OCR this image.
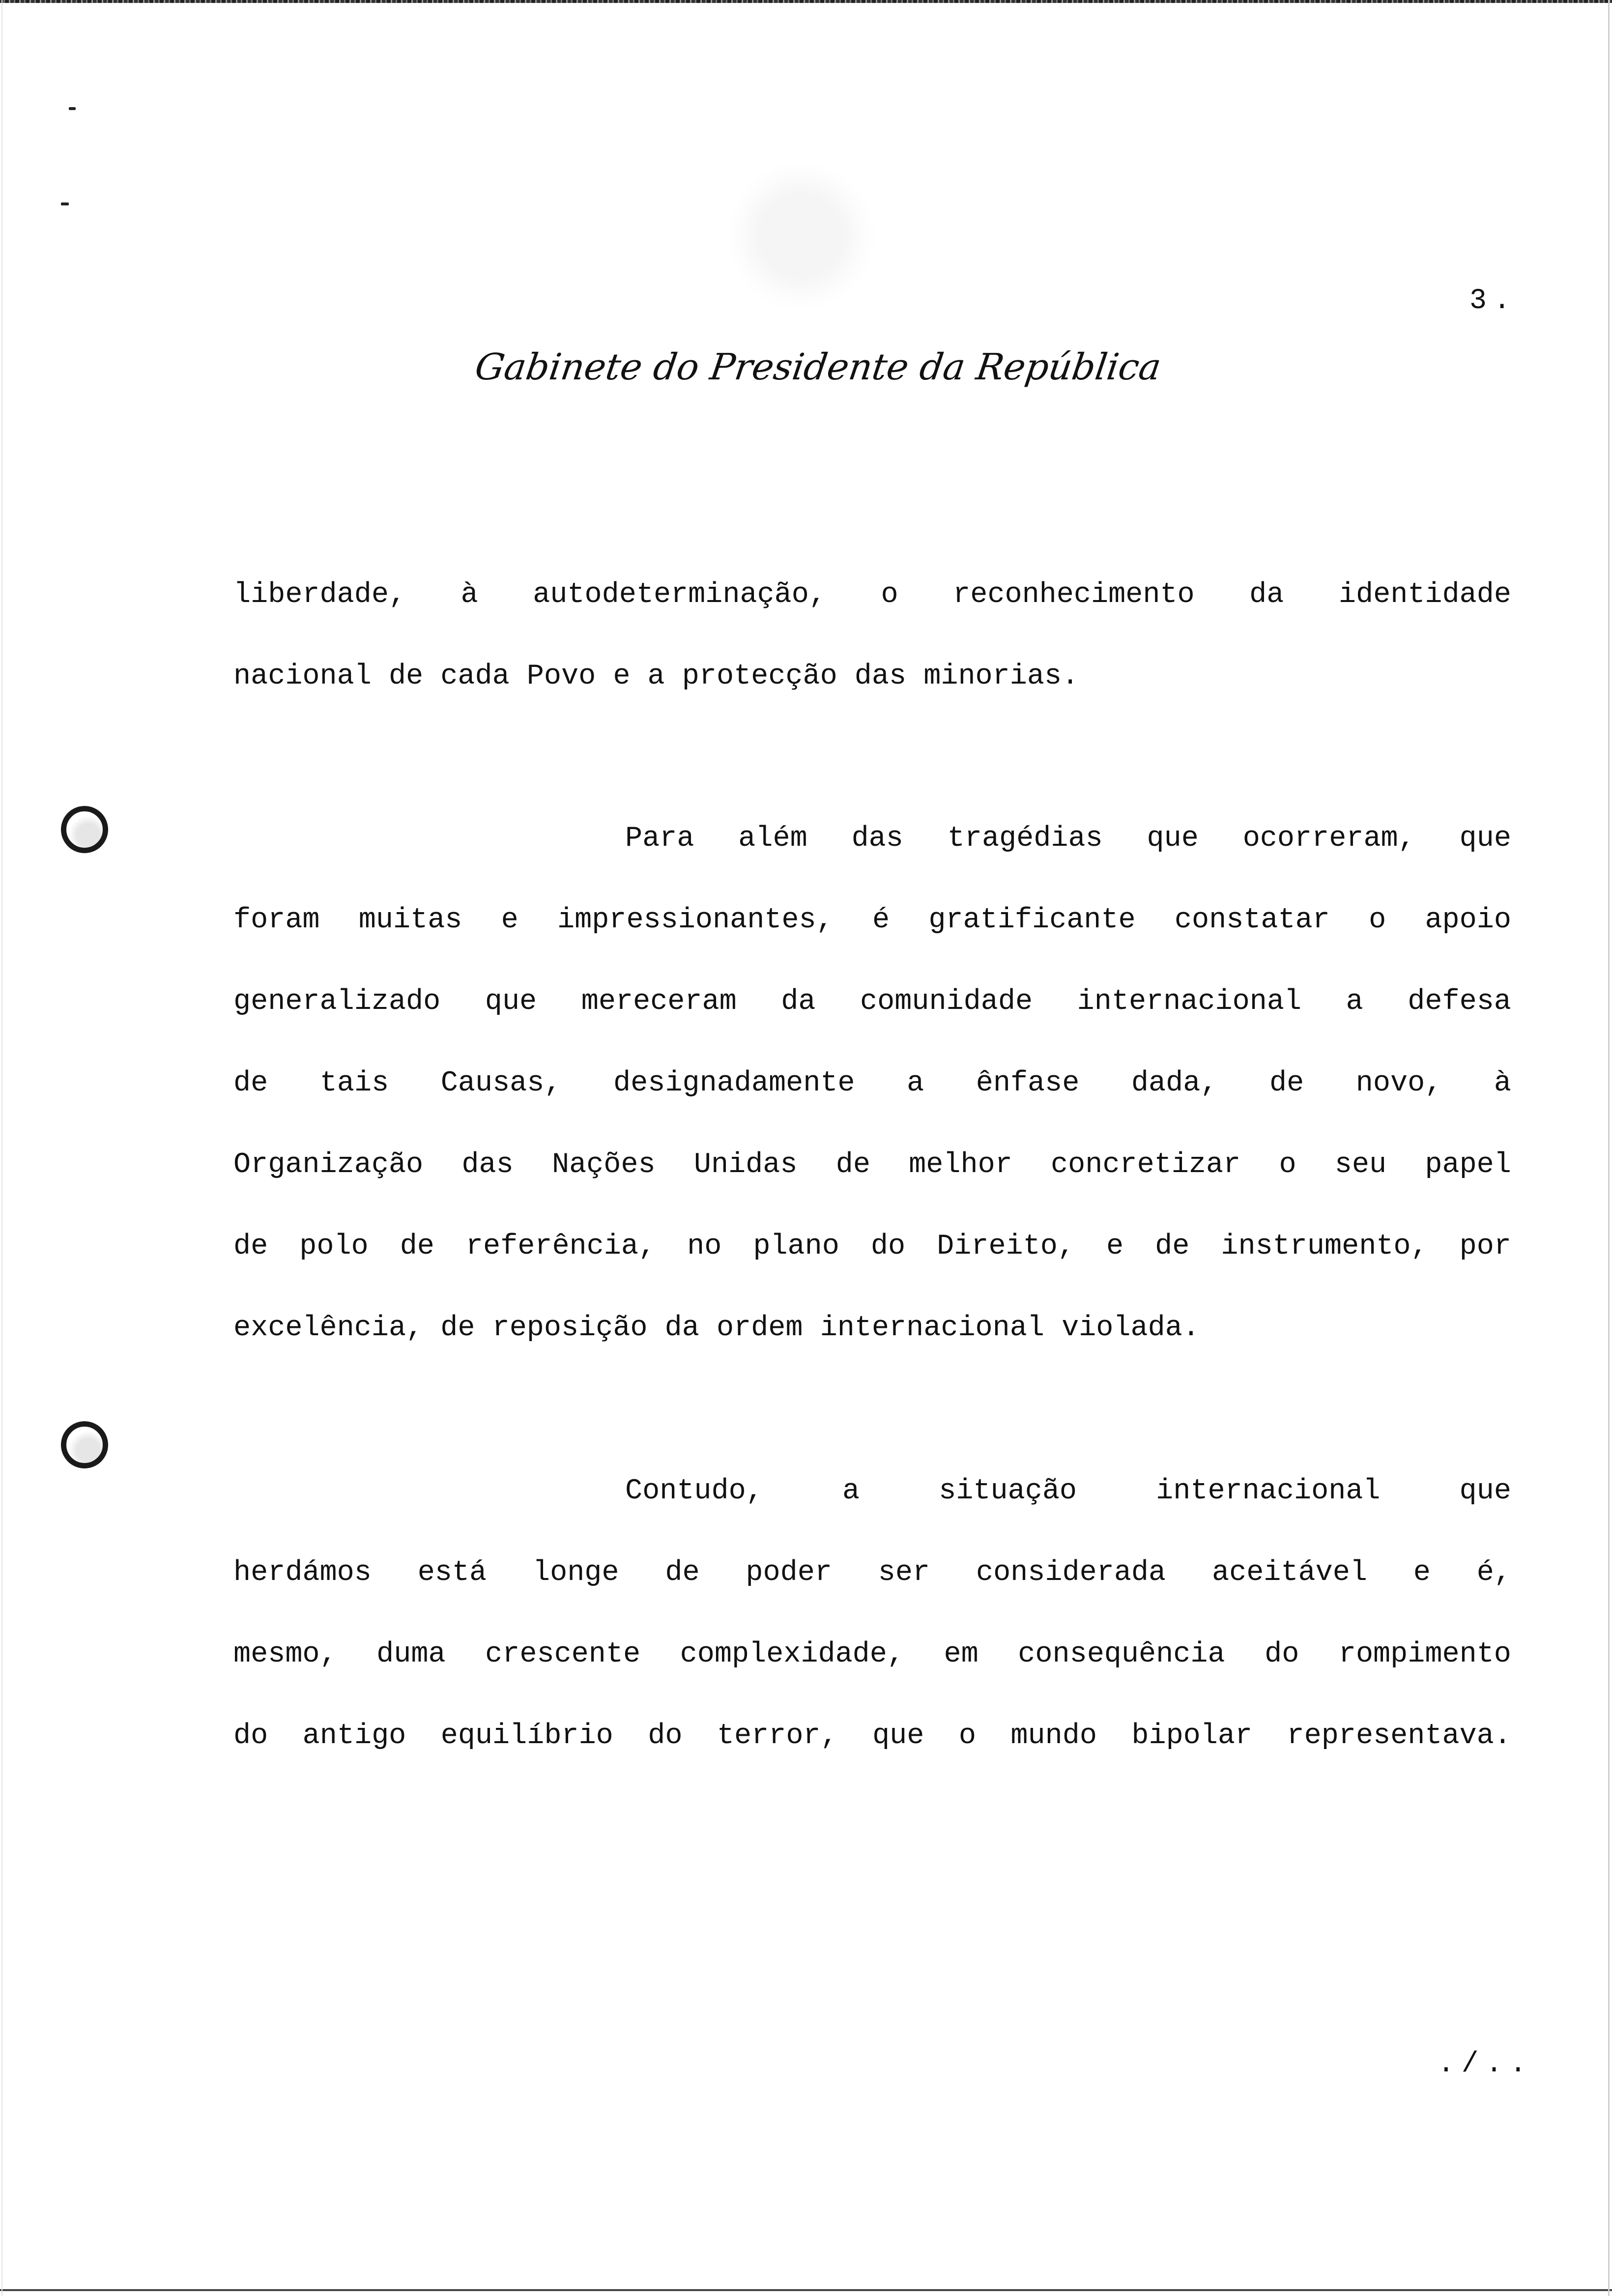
3.
Gabinete do Presidente da República
liberdade, à autodeterminação, o reconhecimento da identidade
nacional de cada Povo e a protecção das minorias.
Para além das tragédias que ocorreram, que
foram muitas e impressionantes, é gratificante constatar o apoio
generalizado que mereceram da comunidade internacional a defesa
de tais Causas, designadamente a ênfase dada, de novo, à
Organização das Nações Unidas de melhor concretizar o seu papel
de polo de referência, no plano do Direito, e de instrumento, por
excelência, de reposição da ordem internacional violada.
Contudo,	a	situação	internacional	que
herdámos está longe de poder ser considerada aceitável e é,
mesmo, duma crescente complexidade, em consequência do rompimento
do antigo equilíbrio do terror, que o mundo bipolar representava.
./..
